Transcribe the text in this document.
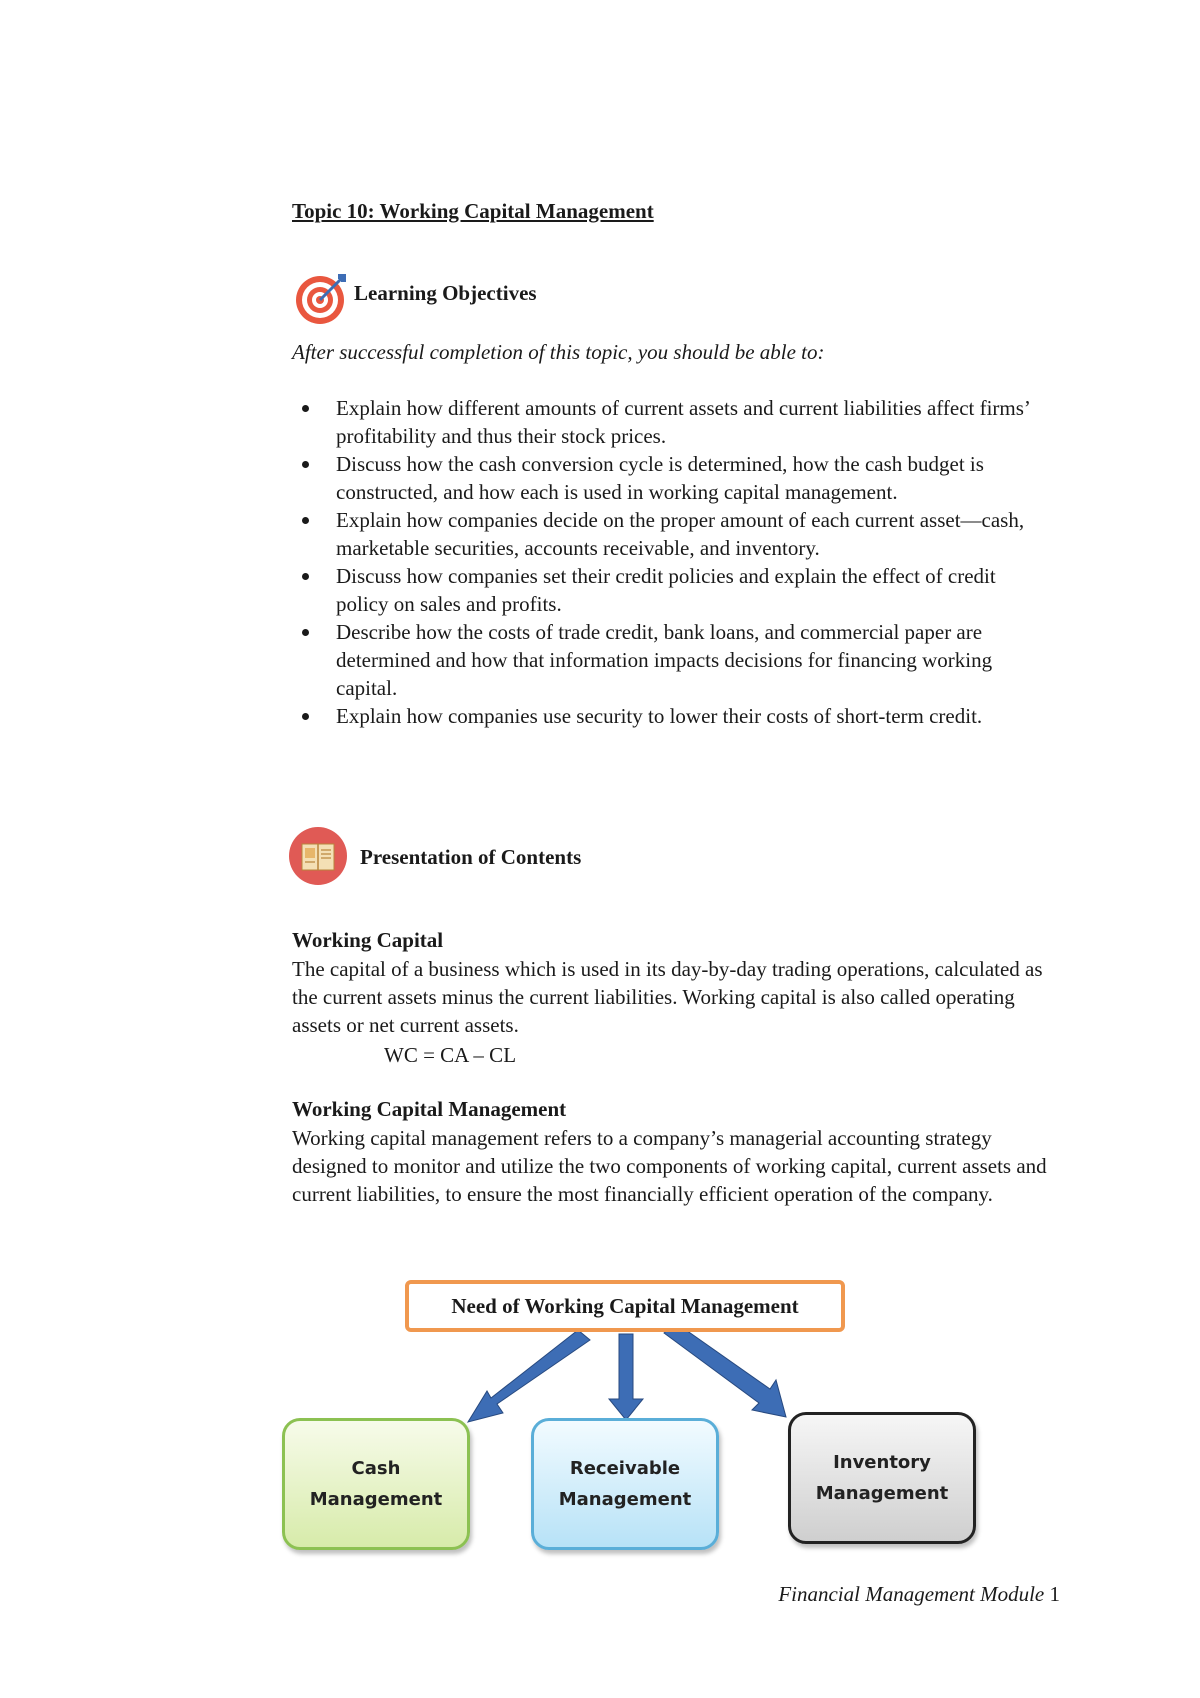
Topic 10: Working Capital Management
Learning Objectives
After successful completion of this topic, you should be able to:
Explain how different amounts of current assets and current liabilities affect firms’ profitability and thus their stock prices.
Discuss how the cash conversion cycle is determined, how the cash budget is constructed, and how each is used in working capital management.
Explain how companies decide on the proper amount of each current asset—cash, marketable securities, accounts receivable, and inventory.
Discuss how companies set their credit policies and explain the effect of credit policy on sales and profits.
Describe how the costs of trade credit, bank loans, and commercial paper are determined and how that information impacts decisions for financing working capital.
Explain how companies use security to lower their costs of short-term credit.
Presentation of Contents
Working Capital
The capital of a business which is used in its day-by-day trading operations, calculated as the current assets minus the current liabilities. Working capital is also called operating assets or net current assets.
WC = CA – CL
Working Capital Management
Working capital management refers to a company’s managerial accounting strategy designed to monitor and utilize the two components of working capital, current assets and current liabilities, to ensure the most financially efficient operation of the company.
Need of Working Capital Management
Cash
Management
Receivable
Management
Inventory
Management
Financial Management Module 1
